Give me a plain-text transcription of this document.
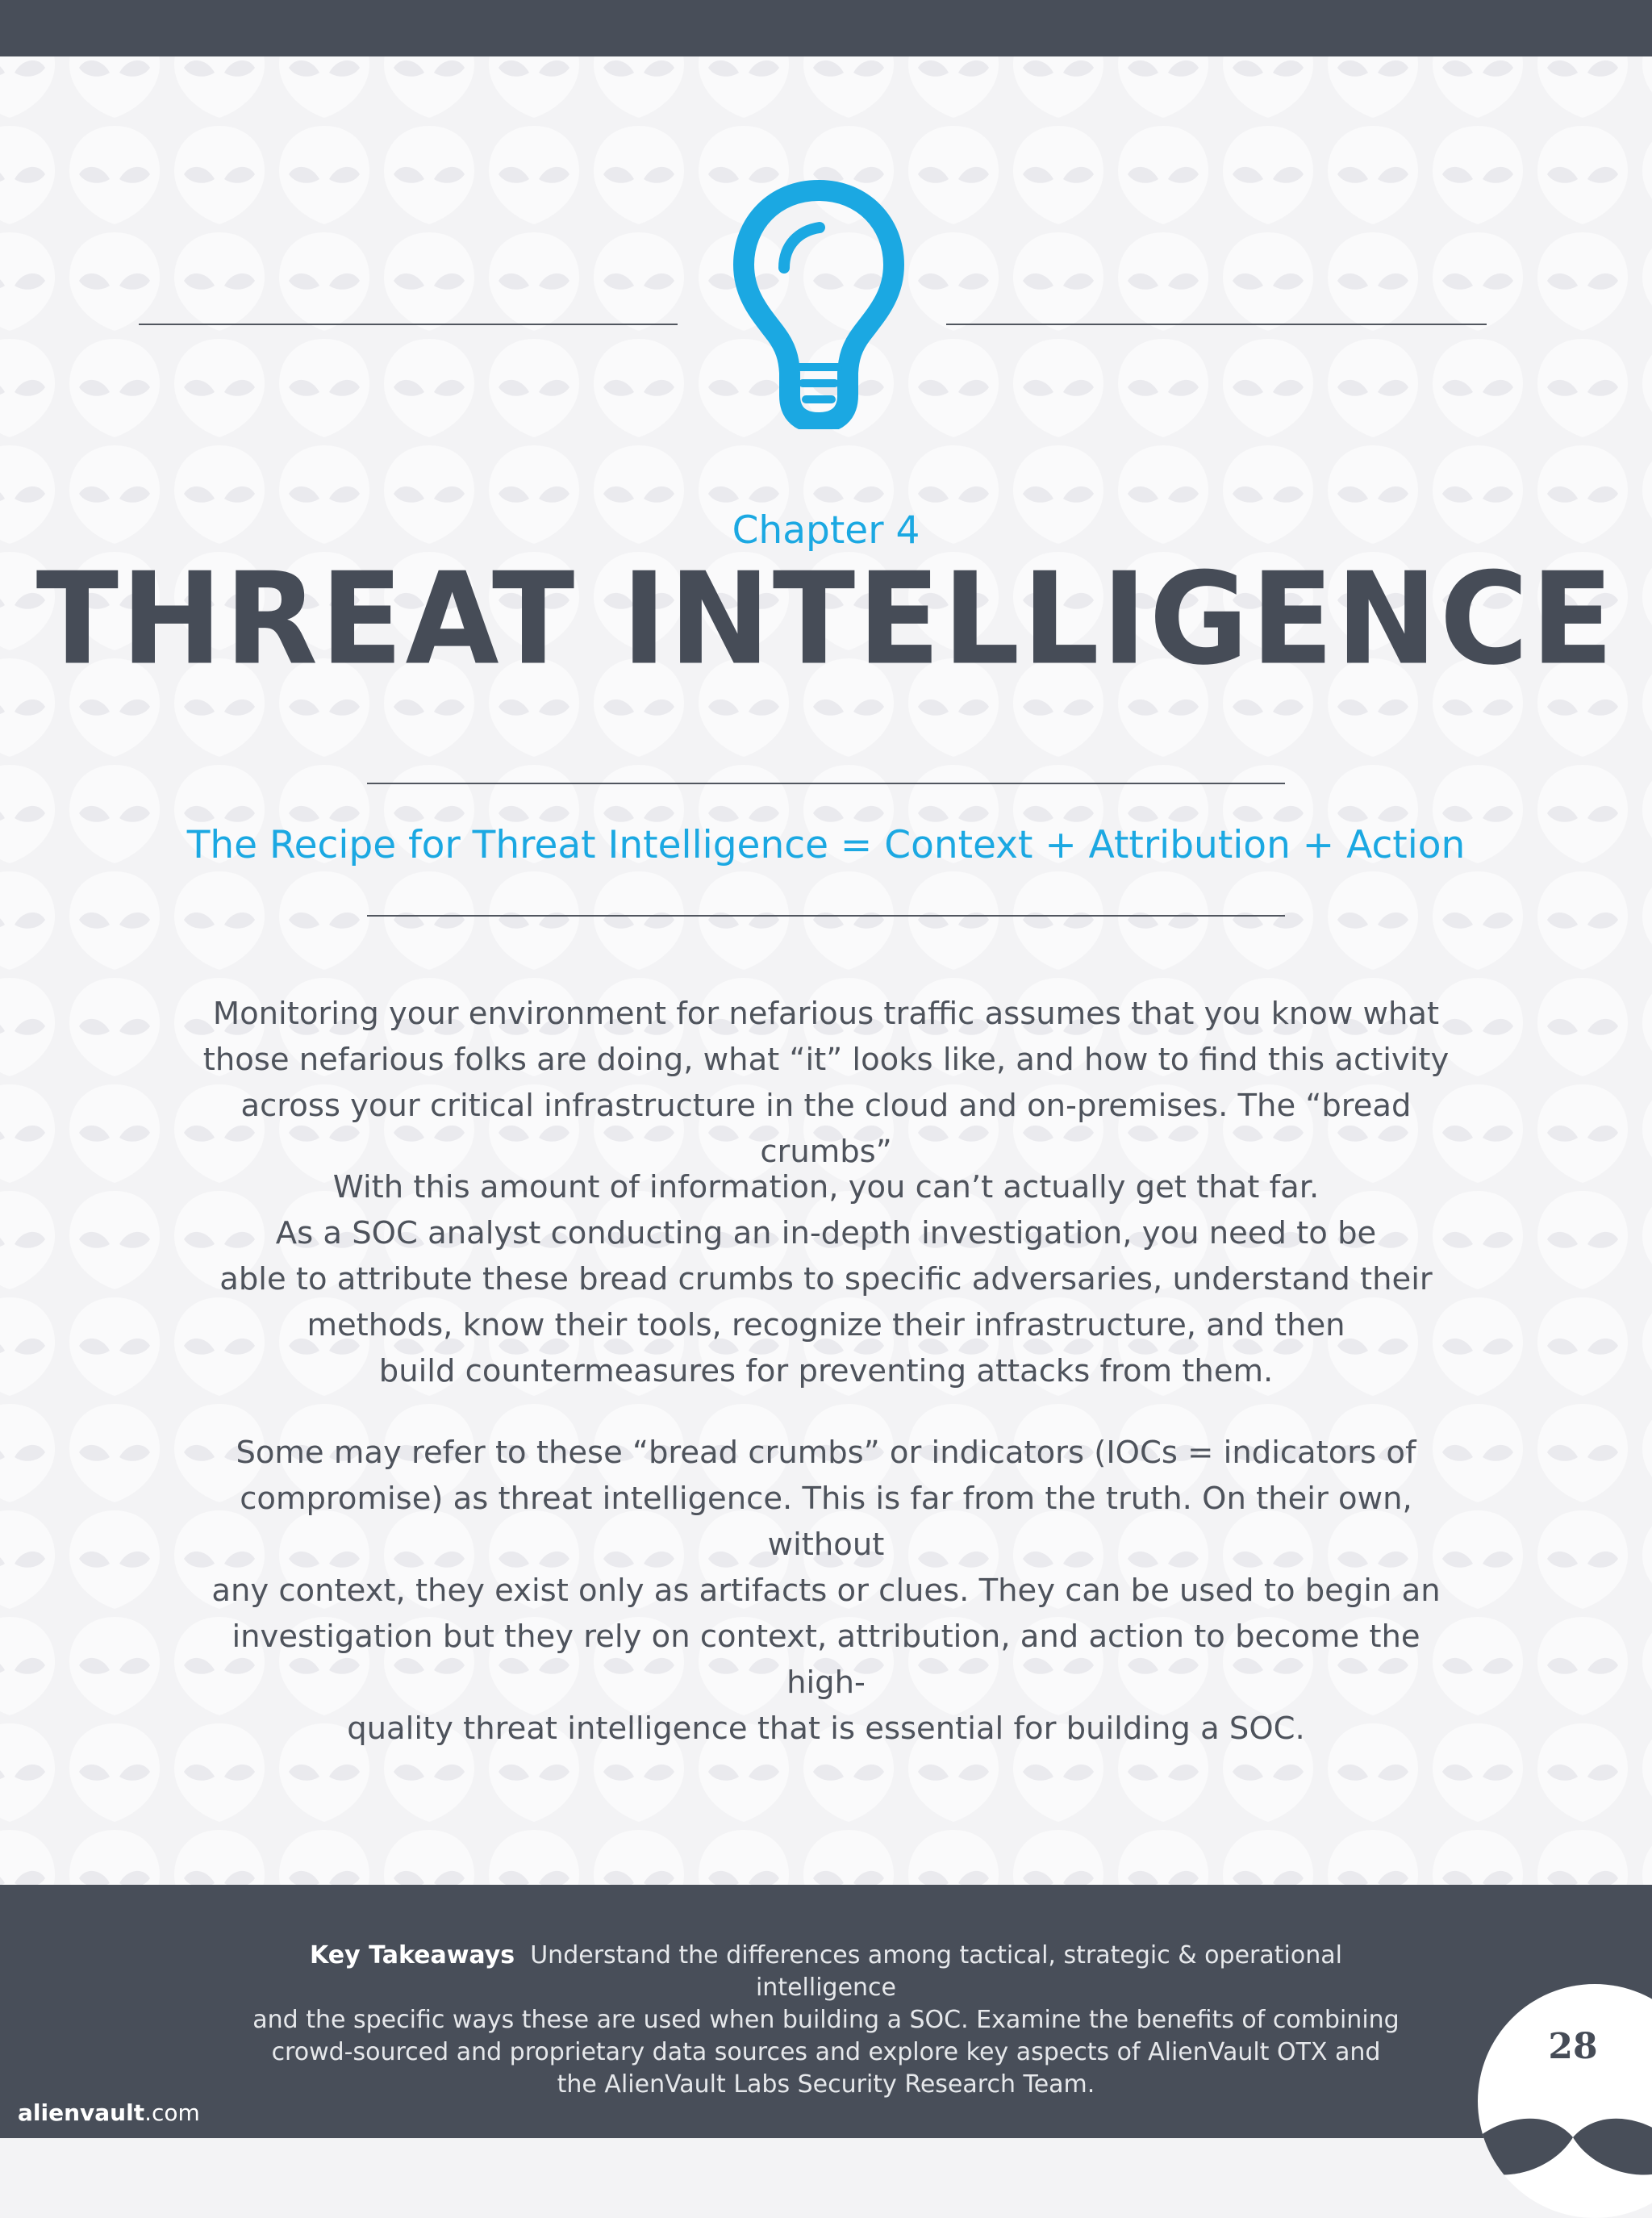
Chapter 4
THREAT INTELLIGENCE
The Recipe for Threat Intelligence = Context + Attribution + Action
Monitoring your environment for nefarious traffic assumes that you know what
those nefarious folks are doing, what “it” looks like, and how to find this activity
across your critical infrastructure in the cloud and on-premises. The “bread crumbs”
With this amount of information, you can’t actually get that far.
As a SOC analyst conducting an in-depth investigation, you need to be
able to attribute these bread crumbs to specific adversaries, understand their
methods, know their tools, recognize their infrastructure, and then
build countermeasures for preventing attacks from them.
Some may refer to these “bread crumbs” or indicators (IOCs = indicators of
compromise) as threat intelligence. This is far from the truth. On their own, without
any context, they exist only as artifacts or clues. They can be used to begin an
investigation but they rely on context, attribution, and action to become the high-
quality threat intelligence that is essential for building a SOC.
Key Takeaways Understand the differences among tactical, strategic & operational intelligence
and the specific ways these are used when building a SOC. Examine the benefits of combining
crowd-sourced and proprietary data sources and explore key aspects of AlienVault OTX and
the AlienVault Labs Security Research Team.
alienvault.com
28
